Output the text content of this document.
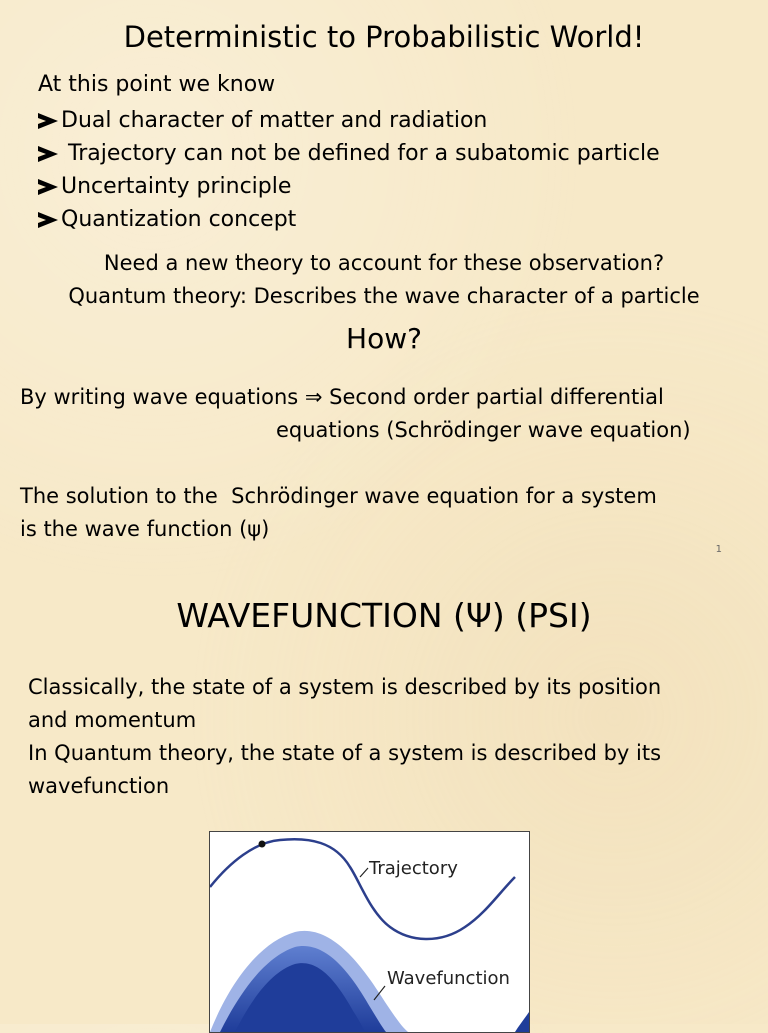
Deterministic to Probabilistic World!
At this point we know
Dual character of matter and radiation
Trajectory can not be defined for a subatomic particle
Uncertainty principle
Quantization concept
Need a new theory to account for these observation?
Quantum theory: Describes the wave character of a particle
How?
By writing wave equations ⇒ Second order partial differential
equations (Schrödinger wave equation)
The solution to the  Schrödinger wave equation for a system
is the wave function (ψ)
1
WAVEFUNCTION (Ψ) (PSI)
Classically, the state of a system is described by its position
and momentum
In Quantum theory, the state of a system is described by its
wavefunction
Trajectory
Wavefunction
